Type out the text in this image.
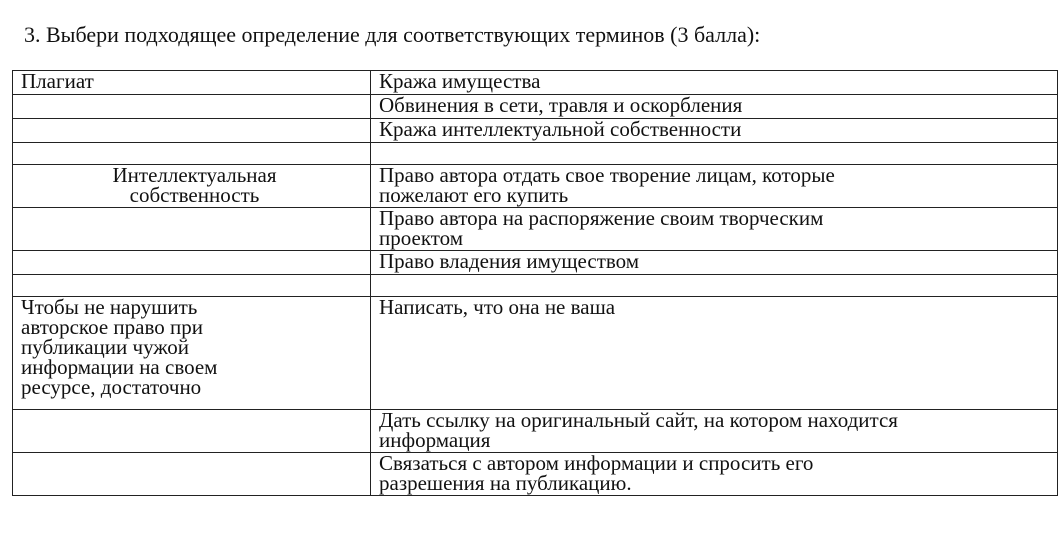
3. Выбери подходящее определение для соответствующих терминов (3 балла):
Плагиат	Кража имущества
	Обвинения в сети, травля и оскорбления
	Кража интеллектуальной собственности

Интеллектуальная
собственность	Право автора отдать свое творение лицам, которые
пожелают его купить
	Право автора на распоряжение своим творческим
проектом
	Право владения имуществом

Чтобы не нарушить
авторское право при
публикации чужой
информации на своем
ресурсе, достаточно	Написать, что она не ваша
	Дать ссылку на оригинальный сайт, на котором находится
информация
	Связаться с автором информации и спросить его
разрешения на публикацию.
